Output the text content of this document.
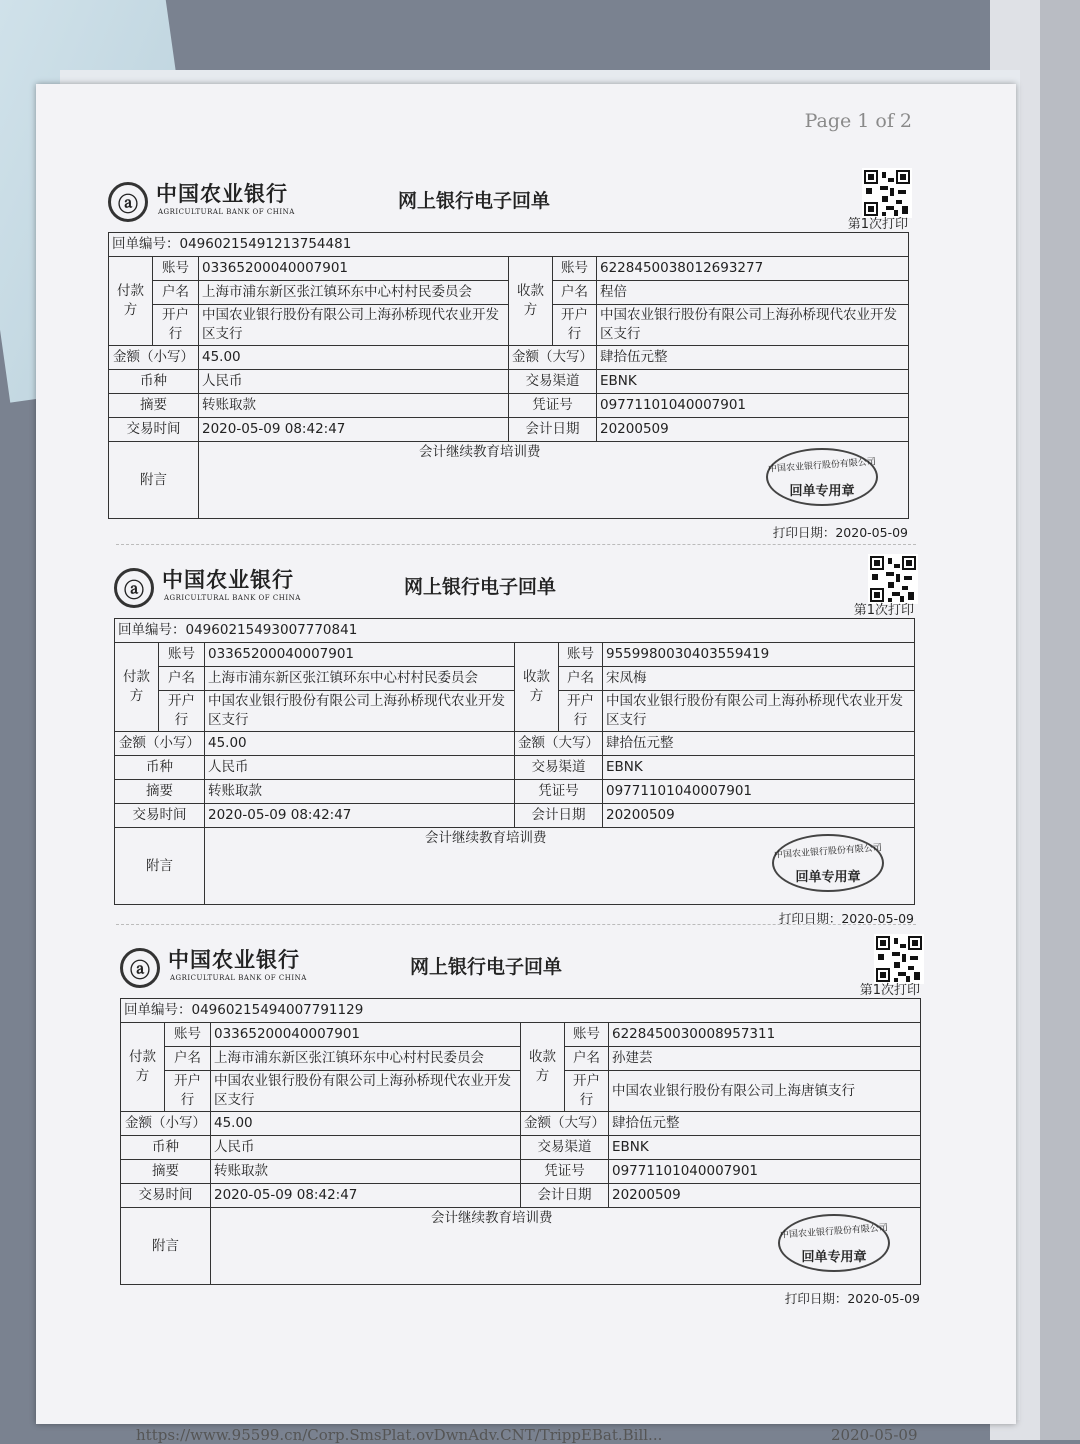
Page 1 of 2
ⓐ 中国农业银行
AGRICULTURAL BANK OF CHINA	网上银行电子回单
第1次打印
回单编号：04960215491213754481					
付款方	账号	03365200040007901	收款方	账号	6228450038012693277
	户名	上海市浦东新区张江镇环东中心村村民委员会		户名	程倍
	开户行	中国农业银行股份有限公司上海孙桥现代农业开发区支行		开户行	中国农业银行股份有限公司上海孙桥现代农业开发区支行
金额（小写）		45.00	金额（大写）		肆拾伍元整
币种		人民币	交易渠道		EBNK
摘要		转账取款	凭证号		09771101040007901
交易时间		2020-05-09 08:42:47	会计日期		20200509
附言		会计继续教育培训费
中国农业银行股份有限公司
回单专用章			
打印日期：2020-05-09
ⓐ 中国农业银行
AGRICULTURAL BANK OF CHINA	网上银行电子回单
第1次打印
回单编号：04960215493007770841					
付款方	账号	03365200040007901	收款方	账号	9559980030403559419
	户名	上海市浦东新区张江镇环东中心村村民委员会		户名	宋凤梅
	开户行	中国农业银行股份有限公司上海孙桥现代农业开发区支行		开户行	中国农业银行股份有限公司上海孙桥现代农业开发区支行
金额（小写）		45.00	金额（大写）		肆拾伍元整
币种		人民币	交易渠道		EBNK
摘要		转账取款	凭证号		09771101040007901
交易时间		2020-05-09 08:42:47	会计日期		20200509
附言		会计继续教育培训费
中国农业银行股份有限公司
回单专用章			
打印日期：2020-05-09
ⓐ 中国农业银行
AGRICULTURAL BANK OF CHINA	网上银行电子回单
第1次打印
回单编号：04960215494007791129					
付款方	账号	03365200040007901	收款方	账号	6228450030008957311
	户名	上海市浦东新区张江镇环东中心村村民委员会		户名	孙建芸
	开户行	中国农业银行股份有限公司上海孙桥现代农业开发区支行		开户行	中国农业银行股份有限公司上海唐镇支行
金额（小写）		45.00	金额（大写）		肆拾伍元整
币种		人民币	交易渠道		EBNK
摘要		转账取款	凭证号		09771101040007901
交易时间		2020-05-09 08:42:47	会计日期		20200509
附言		会计继续教育培训费
中国农业银行股份有限公司
回单专用章			
打印日期：2020-05-09
https://www.95599.cn/Corp.SmsPlat.ovDwnAdv.CNT/TrippEBat.Bill...	2020-05-09
